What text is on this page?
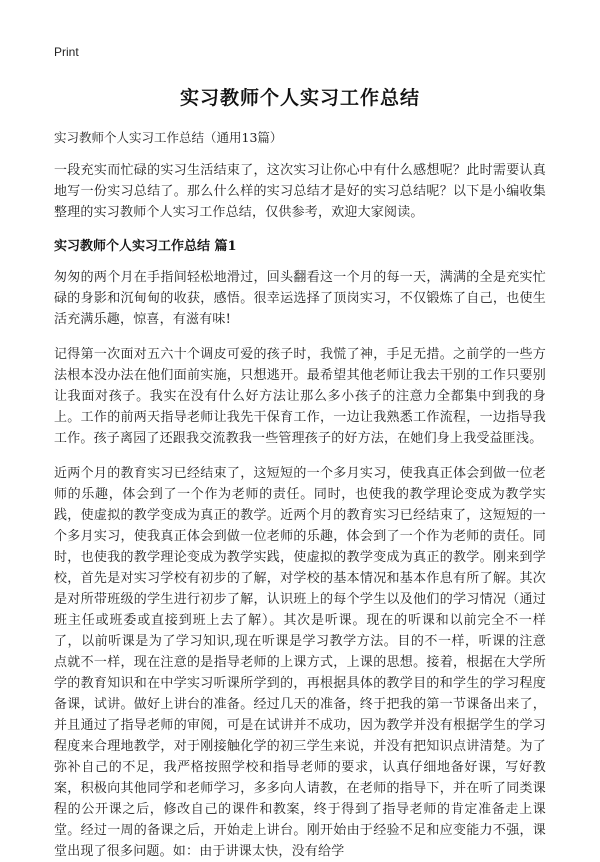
Print
实习教师个人实习工作总结

实习教师个人实习工作总结（通用13篇）

一段充实而忙碌的实习生活结束了，这次实习让你心中有什么感想呢？此时需要认真地写一份实习总结了。那么什么样的实习总结才是好的实习总结呢？以下是小编收集整理的实习教师个人实习工作总结，仅供参考，欢迎大家阅读。

实习教师个人实习工作总结 篇1

匆匆的两个月在手指间轻松地滑过，回头翻看这一个月的每一天，满满的全是充实忙碌的身影和沉甸甸的收获，感悟。很幸运选择了顶岗实习，不仅锻炼了自己，也使生活充满乐趣，惊喜，有滋有味!

记得第一次面对五六十个调皮可爱的孩子时，我慌了神，手足无措。之前学的一些方法根本没办法在他们面前实施，只想逃开。最希望其他老师让我去干别的工作只要别让我面对孩子。我实在没有什么好方法让那么多小孩子的注意力全都集中到我的身上。工作的前两天指导老师让我先干保育工作，一边让我熟悉工作流程，一边指导我工作。孩子离园了还跟我交流教我一些管理孩子的好方法，在她们身上我受益匪浅。

近两个月的教育实习已经结束了，这短短的一个多月实习，使我真正体会到做一位老师的乐趣，体会到了一个作为老师的责任。同时，也使我的教学理论变成为教学实践，使虚拟的教学变成为真正的教学。近两个月的教育实习已经结束了，这短短的一个多月实习，使我真正体会到做一位老师的乐趣，体会到了一个作为老师的责任。同时，也使我的教学理论变成为教学实践，使虚拟的教学变成为真正的教学。刚来到学校，首先是对实习学校有初步的了解，对学校的基本情况和基本作息有所了解。其次是对所带班级的学生进行初步了解，认识班上的每个学生以及他们的学习情况（通过班主任或班委或直接到班上去了解）。其次是听课。现在的听课和以前完全不一样了，以前听课是为了学习知识,现在听课是学习教学方法。目的不一样，听课的注意点就不一样，现在注意的是指导老师的上课方式，上课的思想。接着，根据在大学所学的教育知识和在中学实习听课所学到的，再根据具体的教学目的和学生的学习程度备课，试讲。做好上讲台的准备。经过几天的准备，终于把我的第一节课备出来了，并且通过了指导老师的审阅，可是在试讲并不成功，因为教学并没有根据学生的学习程度来合理地教学，对于刚接触化学的初三学生来说，并没有把知识点讲清楚。为了弥补自己的不足，我严格按照学校和指导老师的要求，认真仔细地备好课，写好教案，积极向其他同学和老师学习，多多向人请教，在老师的指导下，并在听了同类课程的公开课之后，修改自己的课件和教案，终于得到了指导老师的肯定准备走上课堂。经过一周的备课之后，开始走上讲台。刚开始由于经验不足和应变能力不强，课堂出现了很多问题。如：由于讲课太快，没有给学
